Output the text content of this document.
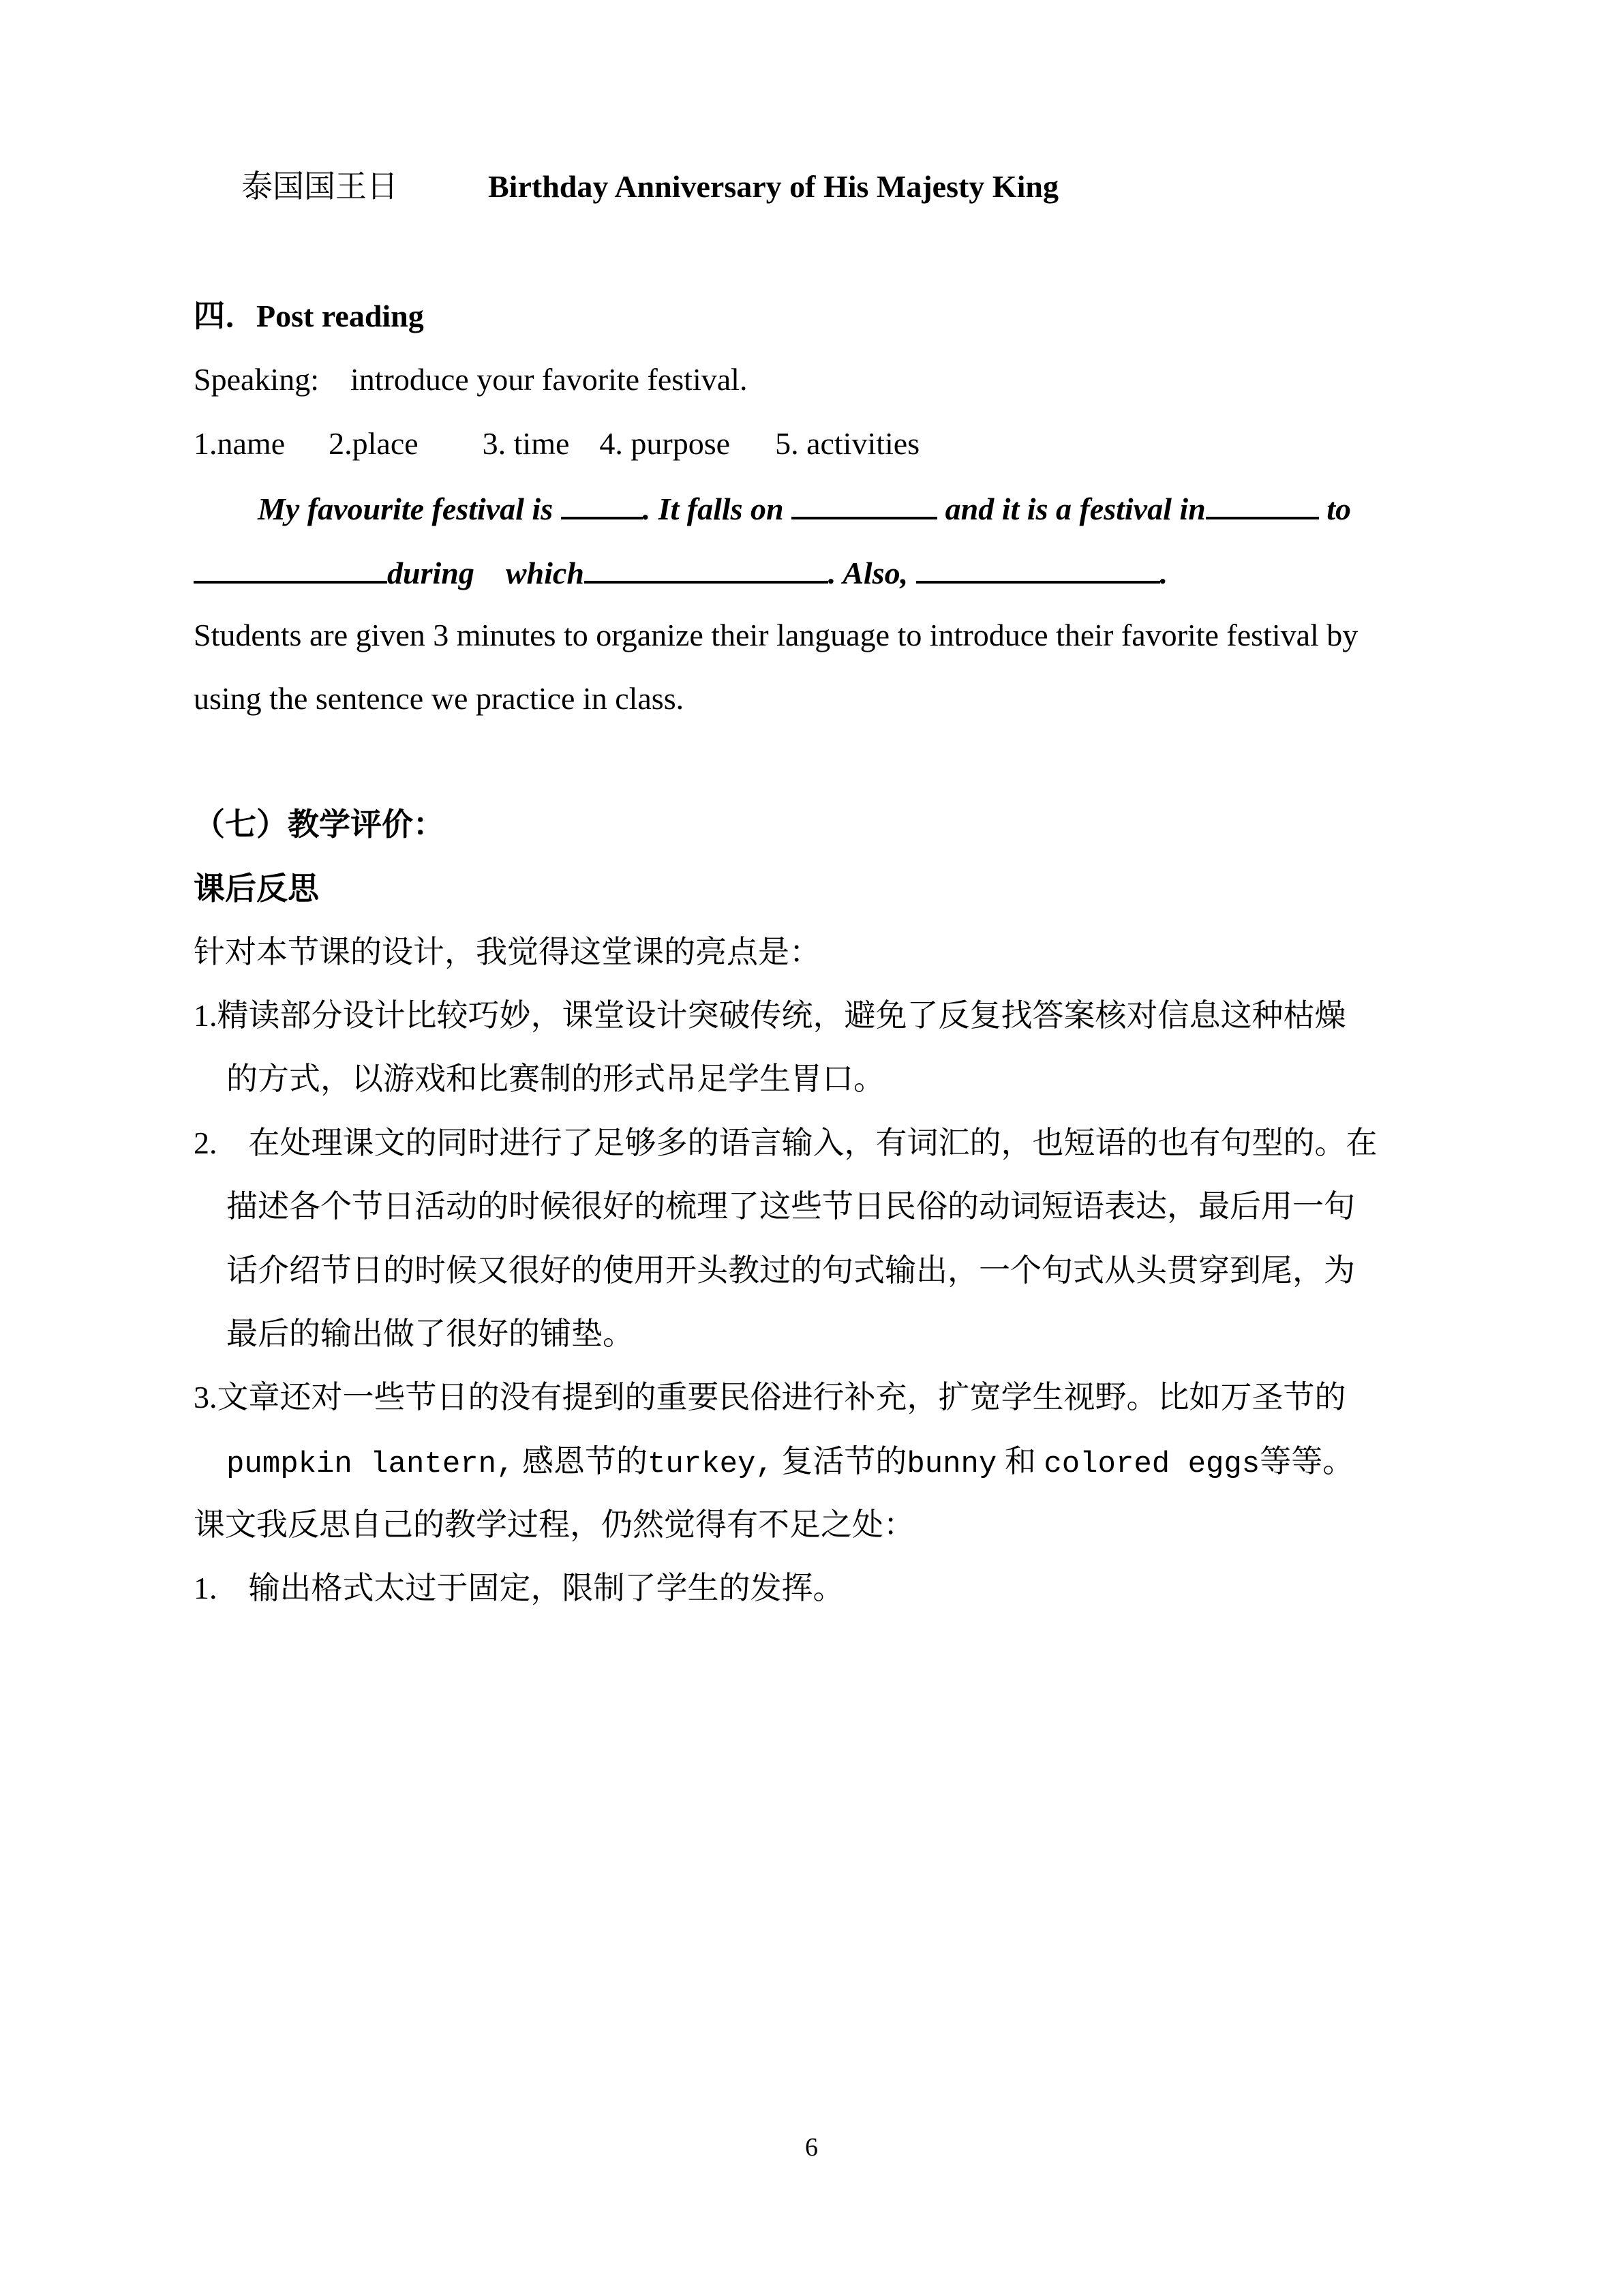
泰国国王日	Birthday Anniversary of His Majesty King
四．Post reading
Speaking: introduce your favorite festival.
1.name 2.place 3. time 4. purpose 5. activities
My favourite festival is	. It falls on	and it is a festival in	to
during which	. Also,	.
Students are given 3 minutes to organize their language to introduce their favorite festival by
using the sentence we practice in class.
（七）教学评价：
课后反思
针对本节课的设计，我觉得这堂课的亮点是：
1.精读部分设计比较巧妙，课堂设计突破传统，避免了反复找答案核对信息这种枯燥
的方式，以游戏和比赛制的形式吊足学生胃口。
2.　在处理课文的同时进行了足够多的语言输入，有词汇的，也短语的也有句型的。在
描述各个节日活动的时候很好的梳理了这些节日民俗的动词短语表达，最后用一句
话介绍节日的时候又很好的使用开头教过的句式输出，一个句式从头贯穿到尾，为
最后的输出做了很好的铺垫。
3.文章还对一些节日的没有提到的重要民俗进行补充，扩宽学生视野。比如万圣节的
pumpkin lantern, 感恩节的turkey, 复活节的bunny 和 colored eggs等等。
课文我反思自己的教学过程，仍然觉得有不足之处：
1.　输出格式太过于固定，限制了学生的发挥。
6
